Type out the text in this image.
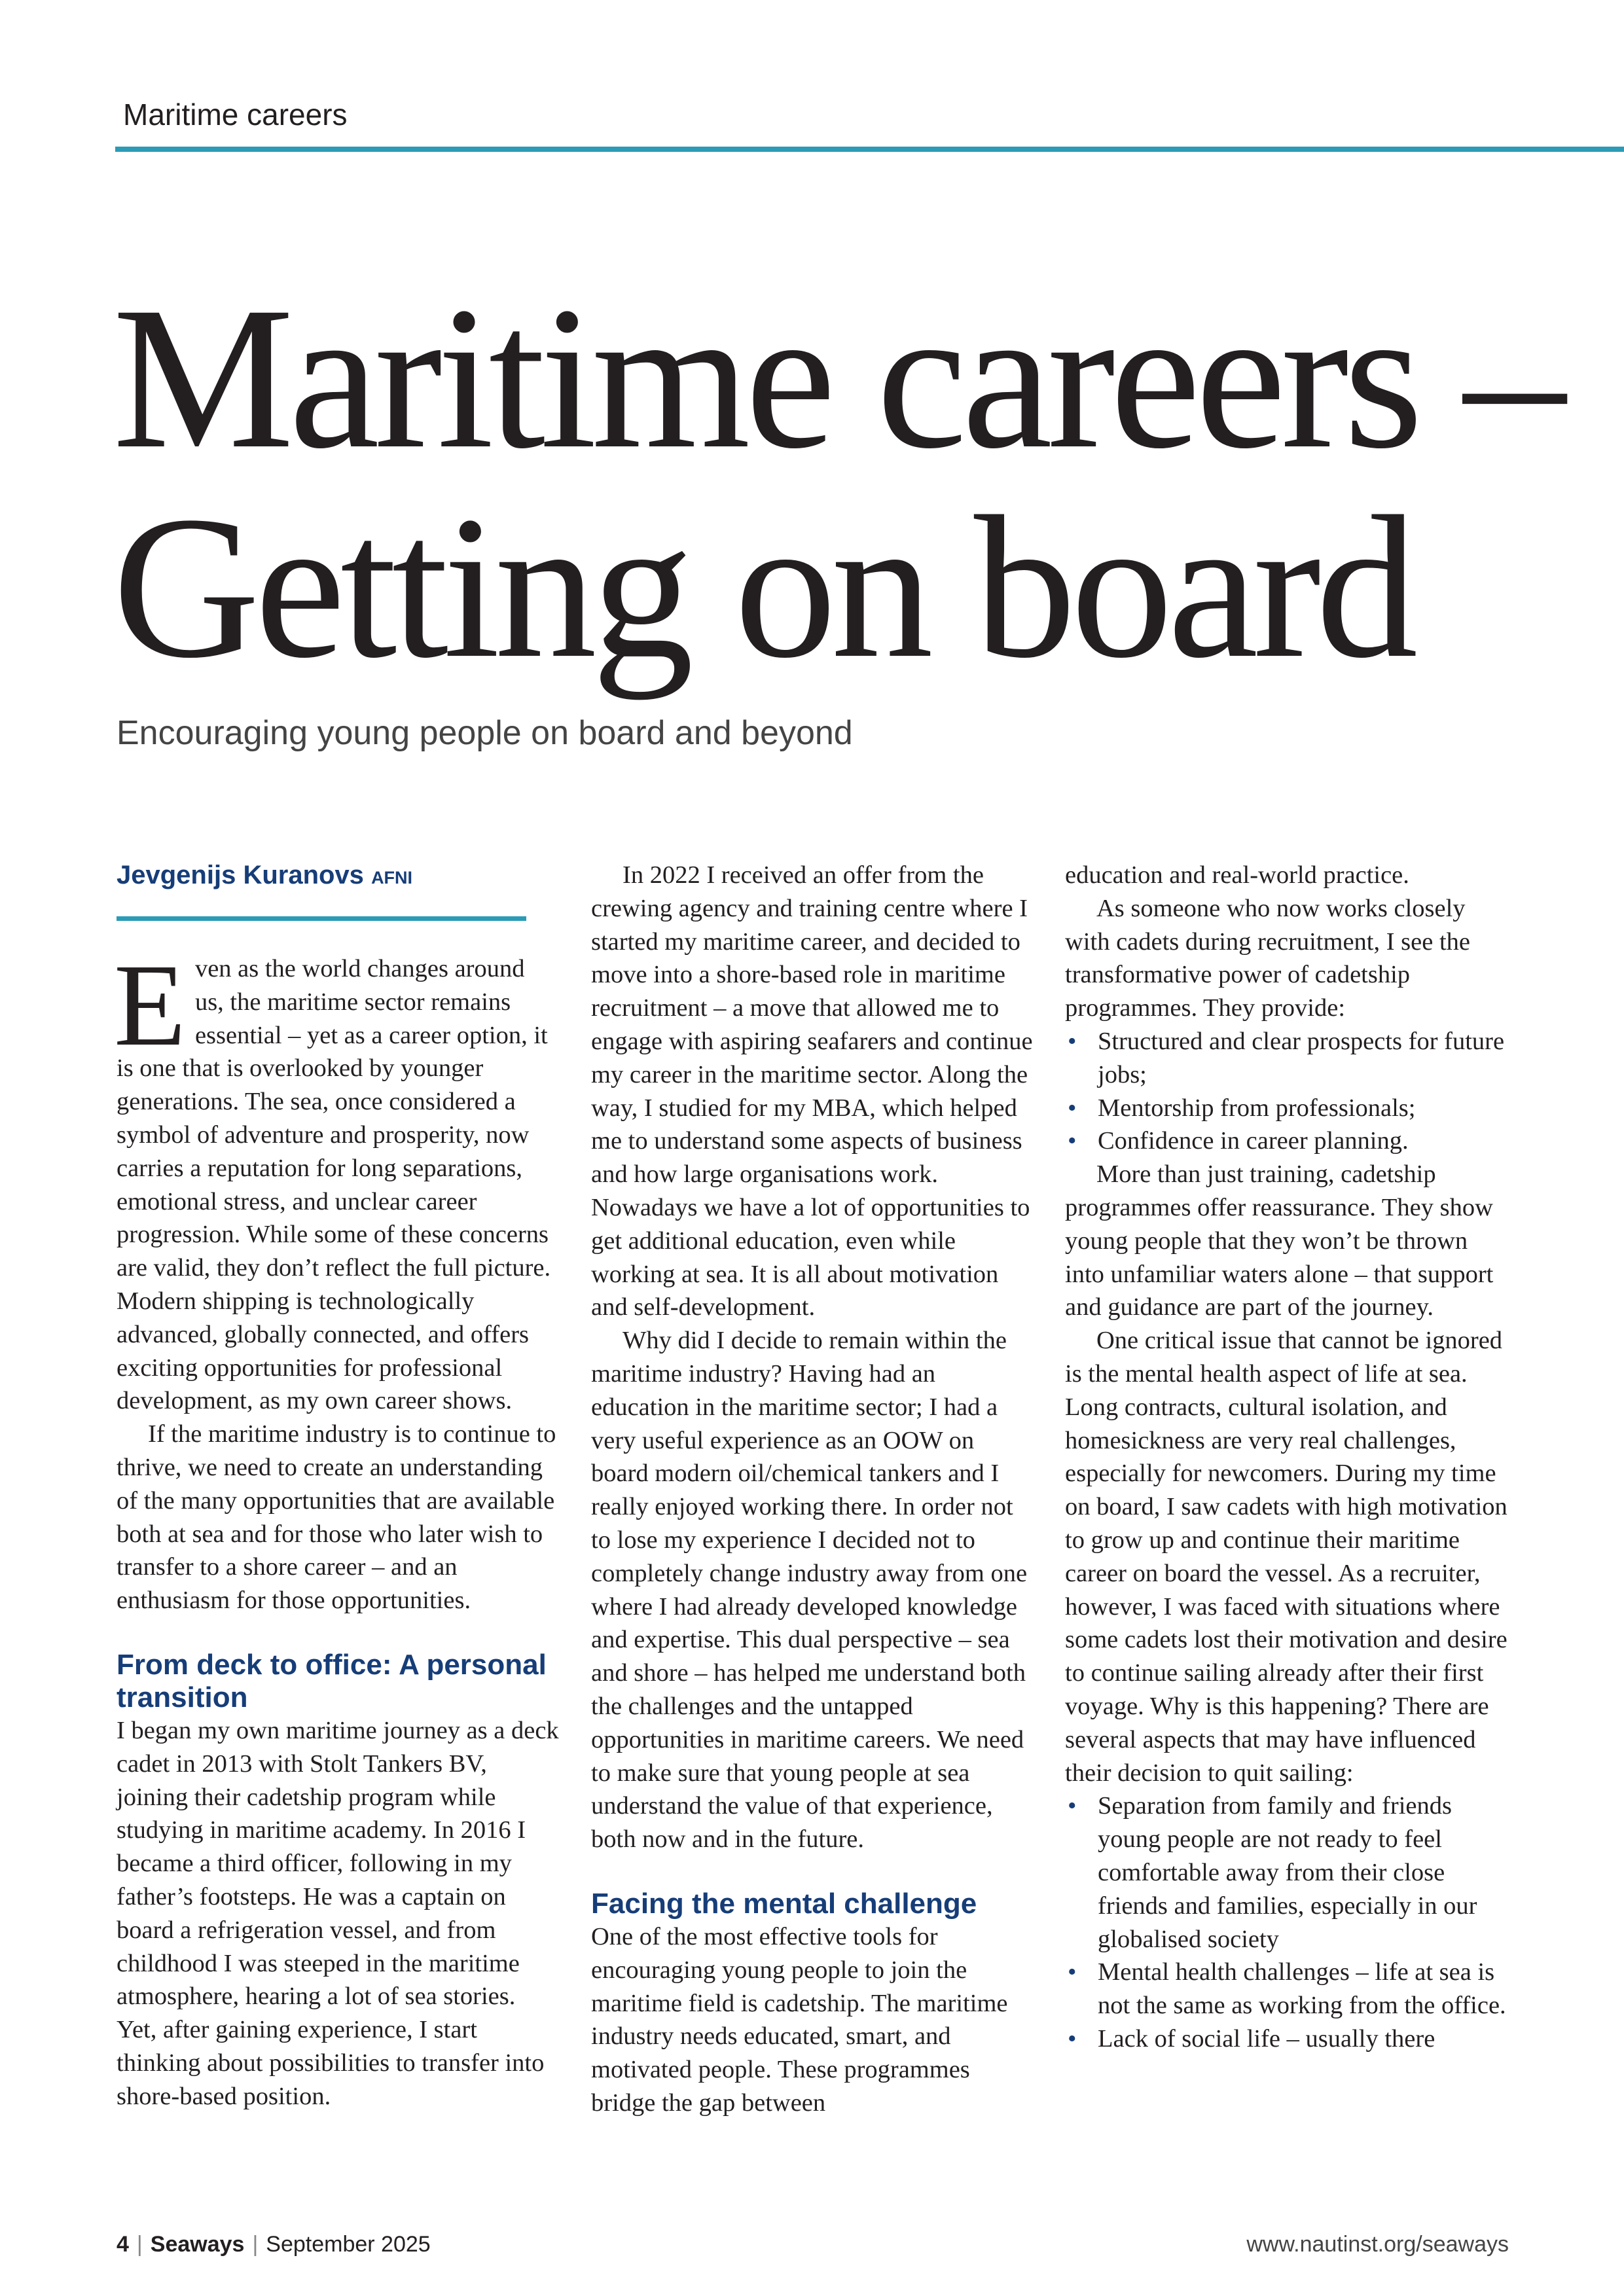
Maritime careers
Maritime careers –
Getting on board
Encouraging young people on board and beyond
Jevgenijs Kuranovs AFNI

Even as the world changes around us, the maritime sector remains essential – yet as a career option, it is one that is overlooked by younger generations. The sea, once considered a symbol of adventure and prosperity, now carries a reputation for long separations, emotional stress, and unclear career progression. While some of these concerns are valid, they don’t reflect the full picture. Modern shipping is technologically advanced, globally connected, and offers exciting opportunities for professional development, as my own career shows.

If the maritime industry is to continue to thrive, we need to create an understanding of the many opportunities that are available both at sea and for those who later wish to transfer to a shore career – and an enthusiasm for those opportunities.

From deck to office: A personal transition

I began my own maritime journey as a deck cadet in 2013 with Stolt Tankers BV, joining their cadetship program while studying in maritime academy. In 2016 I became a third officer, following in my father’s footsteps. He was a captain on board a refrigeration vessel, and from childhood I was steeped in the maritime atmosphere, hearing a lot of sea stories. Yet, after gaining experience, I start thinking about possibilities to transfer into shore-based position.

In 2022 I received an offer from the crewing agency and training centre where I started my maritime career, and decided to move into a shore-based role in maritime recruitment – a move that allowed me to engage with aspiring seafarers and continue my career in the maritime sector. Along the way, I studied for my MBA, which helped me to understand some aspects of business and how large organisations work. Nowadays we have a lot of opportunities to get additional education, even while working at sea. It is all about motivation and self-development.

Why did I decide to remain within the maritime industry? Having had an education in the maritime sector; I had a very useful experience as an OOW on board modern oil/chemical tankers and I really enjoyed working there. In order not to lose my experience I decided not to completely change industry away from one where I had already developed knowledge and expertise. This dual perspective – sea and shore – has helped me understand both the challenges and the untapped opportunities in maritime careers. We need to make sure that young people at sea understand the value of that experience, both now and in the future.

Facing the mental challenge

One of the most effective tools for encouraging young people to join the maritime field is cadetship. The maritime industry needs educated, smart, and motivated people. These programmes bridge the gap between

education and real-world practice.

As someone who now works closely with cadets during recruitment, I see the transformative power of cadetship programmes. They provide:

• Structured and clear prospects for future jobs;
• Mentorship from professionals;
• Confidence in career planning.

More than just training, cadetship programmes offer reassurance. They show young people that they won’t be thrown into unfamiliar waters alone – that support and guidance are part of the journey.

One critical issue that cannot be ignored is the mental health aspect of life at sea. Long contracts, cultural isolation, and homesickness are very real challenges, especially for newcomers. During my time on board, I saw cadets with high motivation to grow up and continue their maritime career on board the vessel. As a recruiter, however, I was faced with situations where some cadets lost their motivation and desire to continue sailing already after their first voyage. Why is this happening? There are several aspects that may have influenced their decision to quit sailing:

• Separation from family and friends young people are not ready to feel comfortable away from their close friends and families, especially in our globalised society
• Mental health challenges – life at sea is not the same as working from the office.
• Lack of social life – usually there
4 | Seaways | September 2025	www.nautinst.org/seaways
